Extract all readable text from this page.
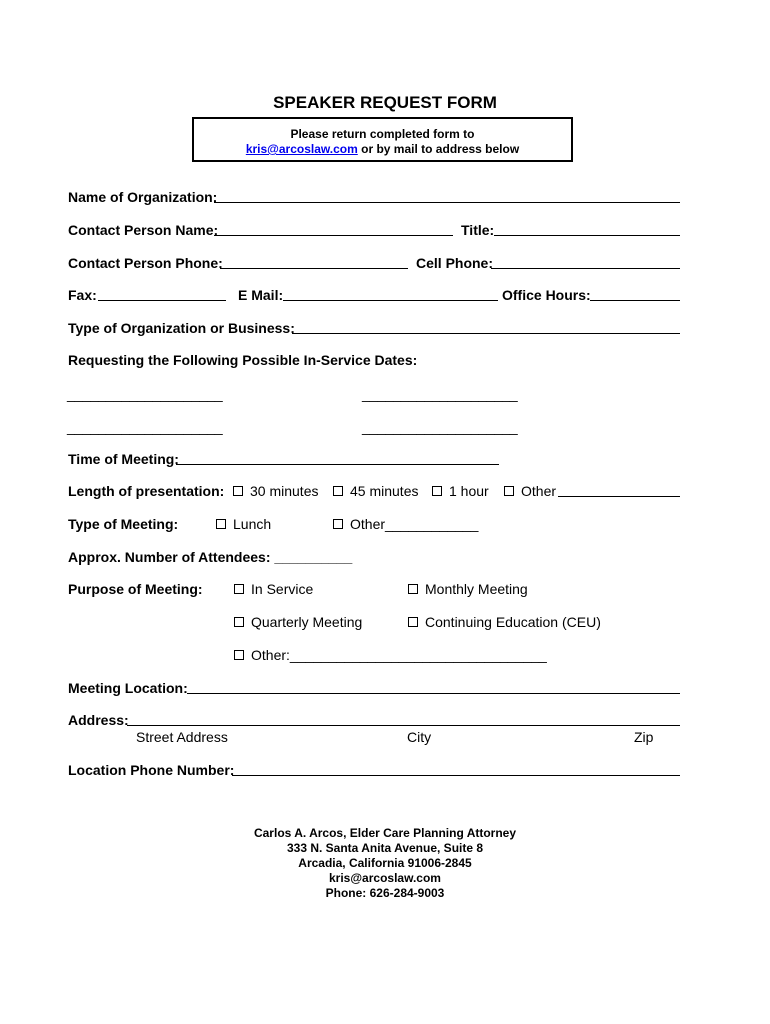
SPEAKER REQUEST FORM
Please return completed form to
kris@arcoslaw.com or by mail to address below
Name of Organization:
Contact Person Name:	Title:
Contact Person Phone:	Cell Phone:
Fax:	E Mail:	Office Hours:
Type of Organization or Business:
Requesting the Following Possible In-Service Dates:
____________________	____________________
____________________	____________________
Time of Meeting:
Length of presentation:	30 minutes	45 minutes	1 hour	Other
Type of Meeting:	Lunch	Other____________
Approx. Number of Attendees: __________
Purpose of Meeting:	In Service	Monthly Meeting
Quarterly Meeting	Continuing Education (CEU)
Other:_________________________________
Meeting Location:
Address:
Street Address	City	Zip
Location Phone Number:
Carlos A. Arcos, Elder Care Planning Attorney
333 N. Santa Anita Avenue, Suite 8
Arcadia, California 91006-2845
kris@arcoslaw.com
Phone: 626-284-9003
